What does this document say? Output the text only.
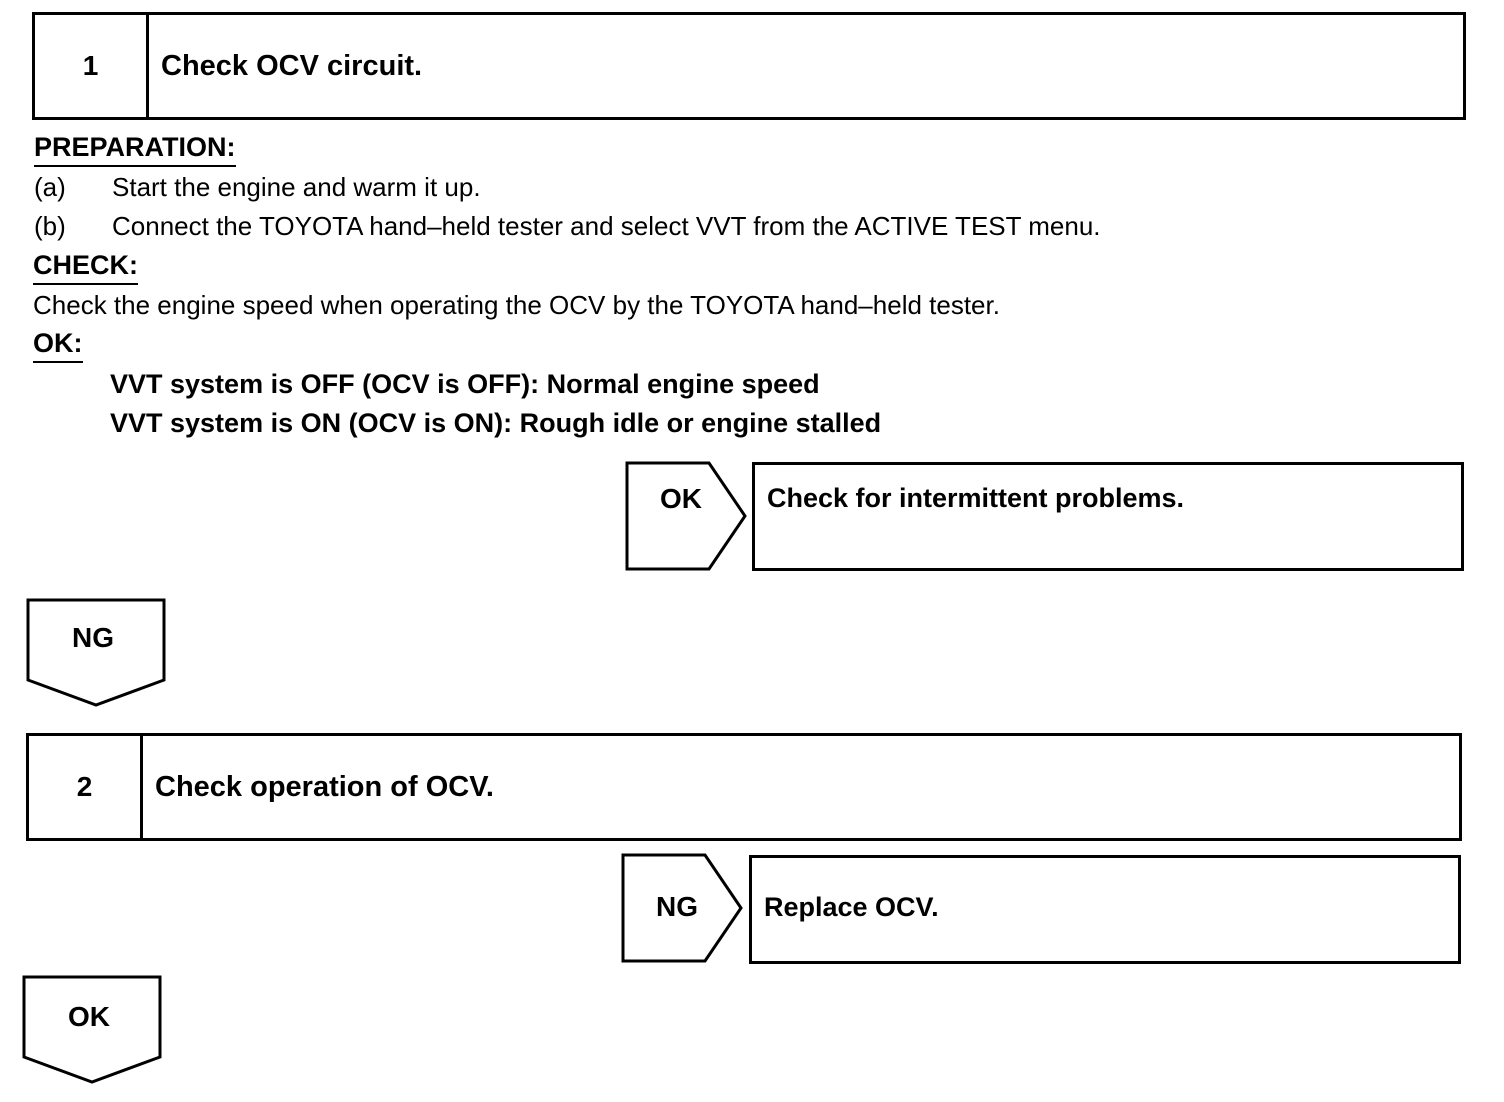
1	Check OCV circuit.
PREPARATION:
(a) Start the engine and warm it up.
(b) Connect the TOYOTA hand–held tester and select VVT from the ACTIVE TEST menu.
CHECK:
Check the engine speed when operating the OCV by the TOYOTA hand–held tester.
OK:
VVT system is OFF (OCV is OFF): Normal engine speed
VVT system is ON (OCV is ON): Rough idle or engine stalled
OK	Check for intermittent problems.
NG
2	Check operation of OCV.
NG	Replace OCV.
OK
